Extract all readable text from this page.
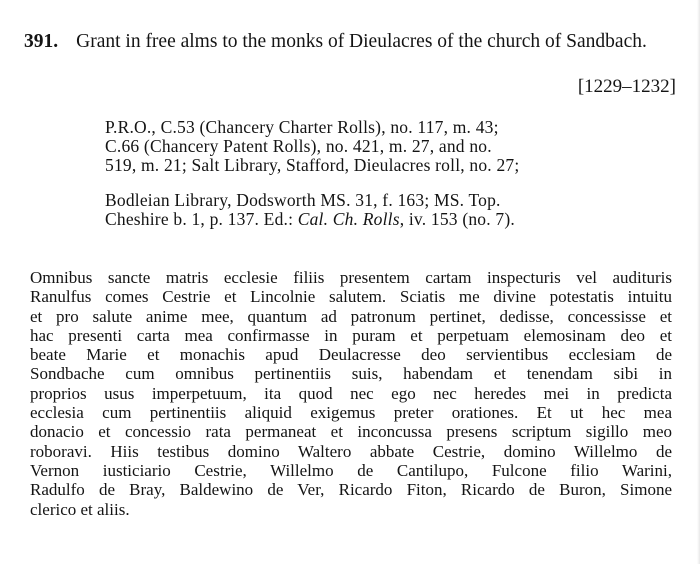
391. Grant in free alms to the monks of Dieulacres of the church of Sandbach.
[1229–1232]

P.R.O., C.53 (Chancery Charter Rolls), no. 117, m. 43;
C.66 (Chancery Patent Rolls), no. 421, m. 27, and no.
519, m. 21; Salt Library, Stafford, Dieulacres roll, no. 27;

Bodleian Library, Dodsworth MS. 31, f. 163; MS. Top.
Cheshire b. 1, p. 137. Ed.: Cal. Ch. Rolls, iv. 153 (no. 7).

Omnibus sancte matris ecclesie filiis presentem cartam inspecturis vel audituris
Ranulfus comes Cestrie et Lincolnie salutem. Sciatis me divine potestatis intuitu
et pro salute anime mee, quantum ad patronum pertinet, dedisse, concessisse et
hac presenti carta mea confirmasse in puram et perpetuam elemosinam deo et
beate Marie et monachis apud Deulacresse deo servientibus ecclesiam de
Sondbache cum omnibus pertinentiis suis, habendam et tenendam sibi in
proprios usus imperpetuum, ita quod nec ego nec heredes mei in predicta
ecclesia cum pertinentiis aliquid exigemus preter orationes. Et ut hec mea
donacio et concessio rata permaneat et inconcussa presens scriptum sigillo meo
roboravi. Hiis testibus domino Waltero abbate Cestrie, domino Willelmo de
Vernon iusticiario Cestrie, Willelmo de Cantilupo, Fulcone filio Warini,
Radulfo de Bray, Baldewino de Ver, Ricardo Fiton, Ricardo de Buron, Simone
clerico et aliis.
